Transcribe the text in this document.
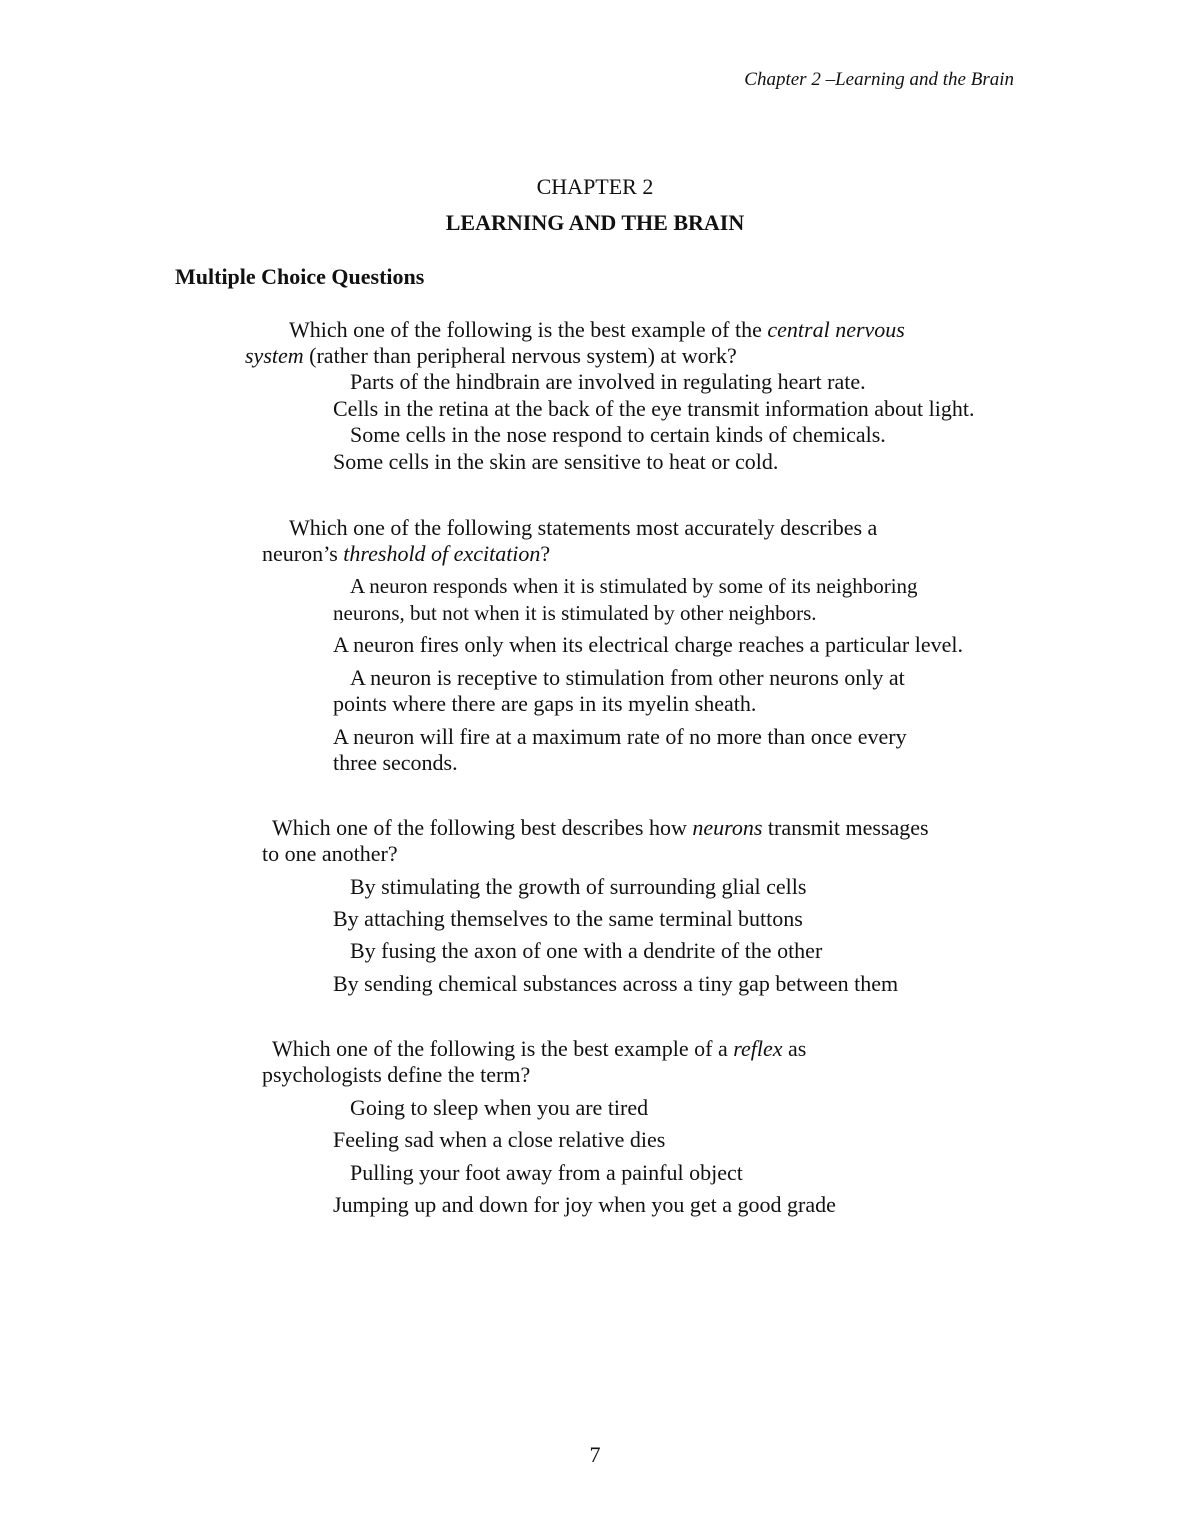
Chapter 2 –Learning and the Brain
CHAPTER 2
LEARNING AND THE BRAIN
Multiple Choice Questions
Which one of the following is the best example of the central nervous
system (rather than peripheral nervous system) at work?
Parts of the hindbrain are involved in regulating heart rate.
Cells in the retina at the back of the eye transmit information about light.
Some cells in the nose respond to certain kinds of chemicals.
Some cells in the skin are sensitive to heat or cold.
Which one of the following statements most accurately describes a
neuron’s threshold of excitation?
A neuron responds when it is stimulated by some of its neighboring
neurons, but not when it is stimulated by other neighbors.
A neuron fires only when its electrical charge reaches a particular level.
A neuron is receptive to stimulation from other neurons only at
points where there are gaps in its myelin sheath.
A neuron will fire at a maximum rate of no more than once every
three seconds.
Which one of the following best describes how neurons transmit messages
to one another?
By stimulating the growth of surrounding glial cells
By attaching themselves to the same terminal buttons
By fusing the axon of one with a dendrite of the other
By sending chemical substances across a tiny gap between them
Which one of the following is the best example of a reflex as
psychologists define the term?
Going to sleep when you are tired
Feeling sad when a close relative dies
Pulling your foot away from a painful object
Jumping up and down for joy when you get a good grade
7
